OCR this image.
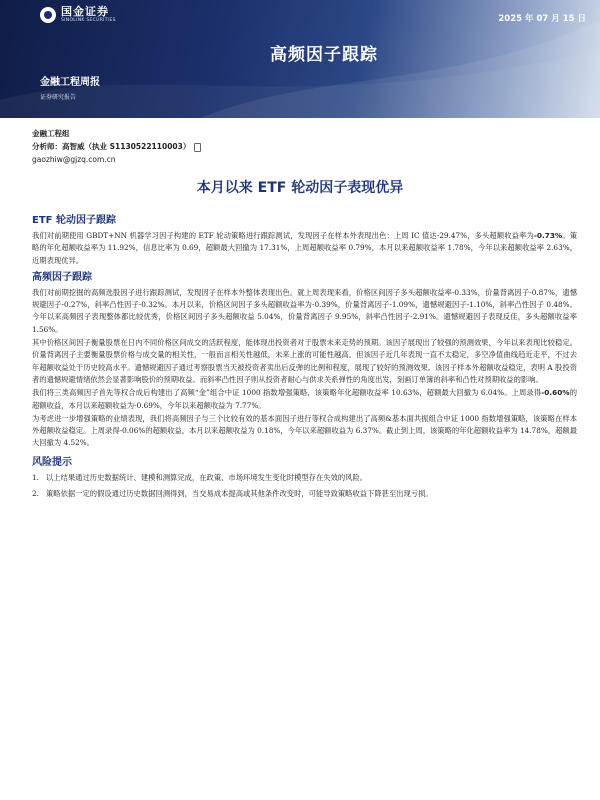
国金证券
SINOLINK SECURITIES	2025 年 07 月 15 日
高频因子跟踪
金融工程周报
证券研究报告
金融工程组
分析师：高智威（执业 S1130522110003）
gaozhiw@gjzq.com.cn
本月以来 ETF 轮动因子表现优异
ETF 轮动因子跟踪

我们对前期使用 GBDT+NN 机器学习因子构建的 ETF 轮动策略进行跟踪测试，发现因子在样本外表现出色：上周 IC 值达-29.47%，多头超额收益率为-0.73%。策略的年化超额收益率为 11.92%，信息比率为 0.69，超额最大回撤为 17.31%，上周超额收益率 0.79%，本月以来超额收益率 1.78%，今年以来超额收益率 2.63%，近期表现优异。

高频因子跟踪

我们对前期挖掘的高频选股因子进行跟踪测试，发现因子在样本外整体表现出色。就上周表现来看，价格区间因子多头超额收益率-0.33%，价量背离因子-0.87%，遗憾规避因子-0.27%，斜率凸性因子-0.32%。本月以来，价格区间因子多头超额收益率为-0.39%，价量背离因子-1.09%，遗憾规避因子-1.10%，斜率凸性因子 0.48%。今年以来高频因子表现整体都比较优秀，价格区间因子多头超额收益 5.04%，价量背离因子 9.95%，斜率凸性因子-2.91%。遗憾规避因子表现反佳，多头超额收益率 1.56%。

其中价格区间因子衡量股票在日内不同价格区间成交的活跃程度，能体现出投资者对于股票未来走势的预期。该因子展现出了较强的预测效果，今年以来表现比较稳定。价量背离因子主要衡量股票价格与成交量的相关性，一般而言相关性越低，未来上涨的可能性越高。但该因子近几年表现一直不太稳定，多空净值曲线趋近走平，不过去年超额收益处于历史较高水平。遗憾规避因子通过考察股票当天被投资者卖出后反弹的比例和程度，展现了较好的预测效果。该因子样本外超额收益稳定，表明 A 股投资者的遗憾规避情绪依然会显著影响股价的预期收益。而斜率凸性因子则从投资者耐心与供求关系弹性的角度出发，刻画订单簿的斜率和凸性对预期收益的影响。

我们将三类高频因子首先等权合成后构建出了高频“金”组合中证 1000 指数增强策略，该策略年化超额收益率 10.63%，超额最大回撤为 6.04%。上周录得-0.60%的超额收益，本月以来超额收益为-0.69%，今年以来超额收益为 7.77%。

为考虑进一步增强策略的业绩表现，我们将高频因子与三个比较有效的基本面因子进行等权合成构建出了高频&基本面共振组合中证 1000 指数增强策略，该策略在样本外超额收益稳定。上周录得-0.06%的超额收益，本月以来超额收益为 0.18%，今年以来超额收益为 6.37%。截止到上周，该策略的年化超额收益率为 14.78%，超额最大回撤为 4.52%。

风险提示
1. 以上结果通过历史数据统计、建模和测算完成，在政策、市场环境发生变化时模型存在失效的风险。
2. 策略依据一定的假设通过历史数据回测得到，当交易成本提高或其他条件改变时，可能导致策略收益下降甚至出现亏损。
